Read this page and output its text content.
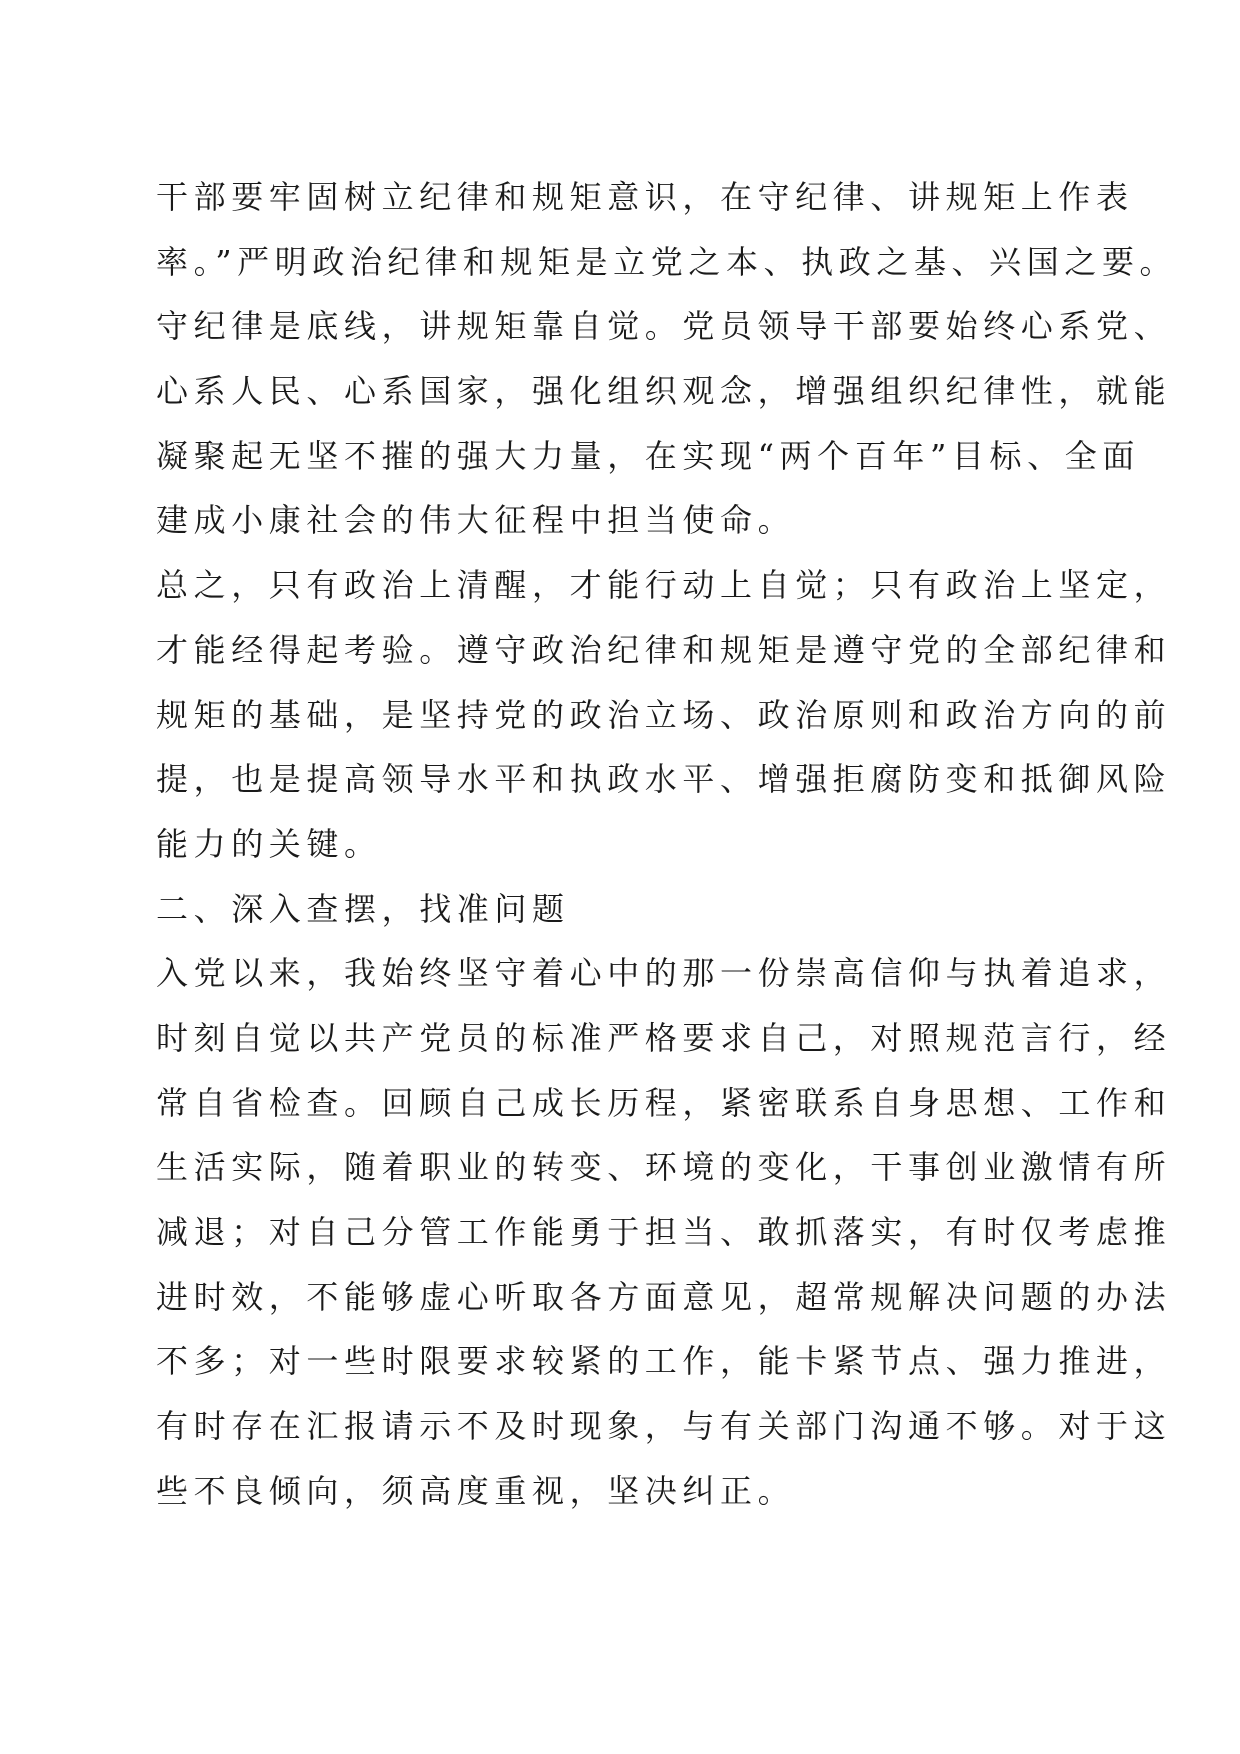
干部要牢固树立纪律和规矩意识，在守纪律、讲规矩上作表
率。”严明政治纪律和规矩是立党之本、执政之基、兴国之要。
守纪律是底线，讲规矩靠自觉。党员领导干部要始终心系党、
心系人民、心系国家，强化组织观念，增强组织纪律性，就能
凝聚起无坚不摧的强大力量，在实现“两个百年”目标、全面
建成小康社会的伟大征程中担当使命。
总之，只有政治上清醒，才能行动上自觉；只有政治上坚定，
才能经得起考验。遵守政治纪律和规矩是遵守党的全部纪律和
规矩的基础，是坚持党的政治立场、政治原则和政治方向的前
提，也是提高领导水平和执政水平、增强拒腐防变和抵御风险
能力的关键。
二、深入查摆，找准问题
入党以来，我始终坚守着心中的那一份崇高信仰与执着追求，
时刻自觉以共产党员的标准严格要求自己，对照规范言行，经
常自省检查。回顾自己成长历程，紧密联系自身思想、工作和
生活实际，随着职业的转变、环境的变化，干事创业激情有所
减退；对自己分管工作能勇于担当、敢抓落实，有时仅考虑推
进时效，不能够虚心听取各方面意见，超常规解决问题的办法
不多；对一些时限要求较紧的工作，能卡紧节点、强力推进，
有时存在汇报请示不及时现象，与有关部门沟通不够。对于这
些不良倾向，须高度重视，坚决纠正。
